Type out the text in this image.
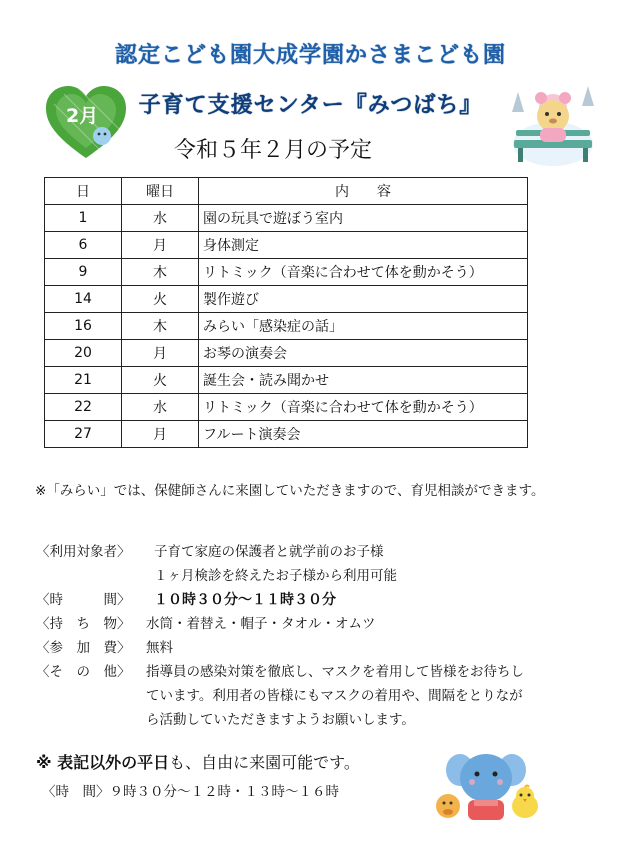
認定こども園大成学園かさまこども園
子育て支援センター『みつばち』
令和５年２月の予定
2月
日	曜日	内　　容
1	水	園の玩具で遊ぼう室内
6	月	身体測定
9	木	リトミック（音楽に合わせて体を動かそう）
14	火	製作遊び
16	木	みらい「感染症の話」
20	月	お琴の演奏会
21	火	誕生会・読み聞かせ
22	水	リトミック（音楽に合わせて体を動かそう）
27	月	フルート演奏会
※「みらい」では、保健師さんに来園していただきますので、育児相談ができます。
〈利用対象者〉	子育て家庭の保護者と就学前のお子様
１ヶ月検診を終えたお子様から利用可能
〈時　　　間〉	１０時３０分～１１時３０分
〈持　ち　物〉	水筒・着替え・帽子・タオル・オムツ
〈参　加　費〉	無料
〈そ　の　他〉	指導員の感染対策を徹底し、マスクを着用して皆様をお待ちし
ています。利用者の皆様にもマスクの着用や、間隔をとりなが
ら活動していただきますようお願いします。
※ 表記以外の平日も、自由に来園可能です。
〈時　間〉９時３０分～１２時・１３時～１６時
